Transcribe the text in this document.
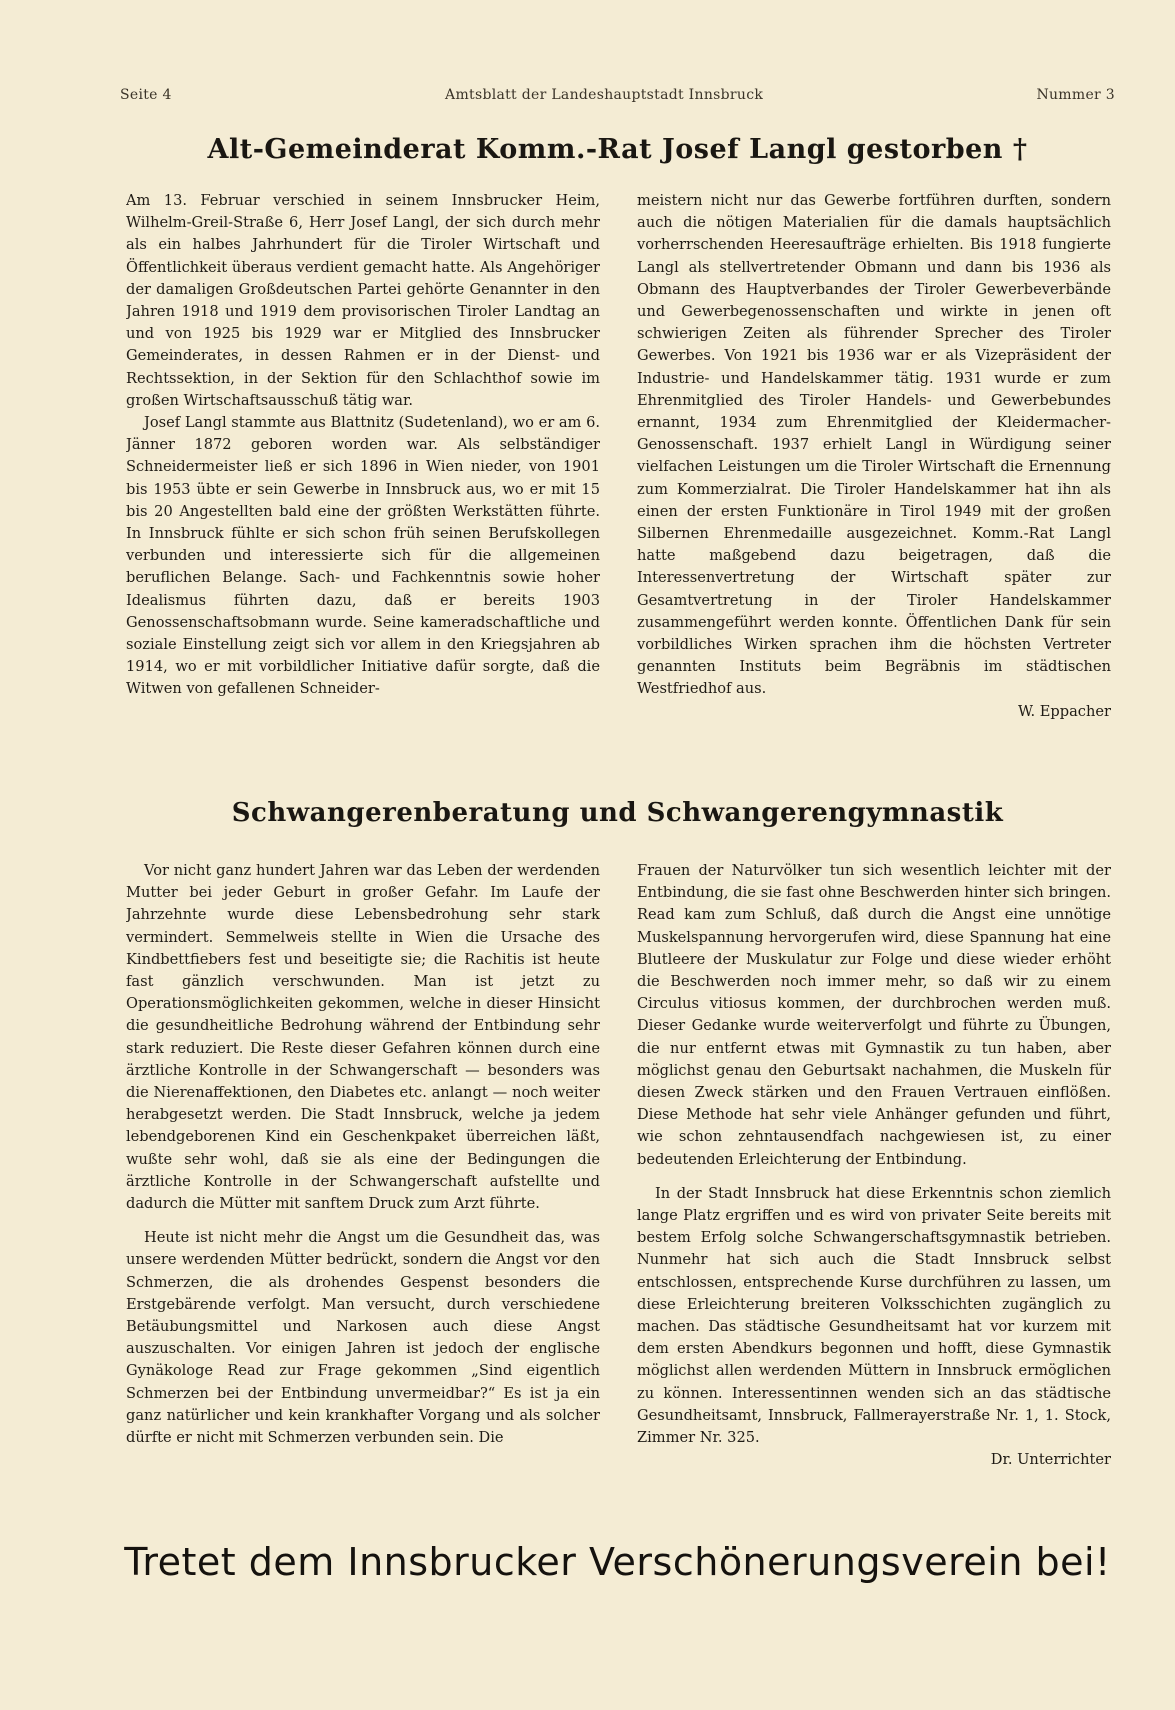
Seite 4	Amtsblatt der Landeshauptstadt Innsbruck	Nummer 3
Alt-Gemeinderat Komm.-Rat Josef Langl gestorben †

Am 13. Februar verschied in seinem Innsbrucker Heim, Wilhelm-Greil-Straße 6, Herr Josef Langl, der sich durch mehr als ein halbes Jahrhundert für die Tiroler Wirtschaft und Öffentlichkeit überaus verdient gemacht hatte. Als Angehöriger der damaligen Großdeutschen Partei gehörte Genannter in den Jahren 1918 und 1919 dem provisorischen Tiroler Landtag an und von 1925 bis 1929 war er Mitglied des Innsbrucker Gemeinderates, in dessen Rahmen er in der Dienst- und Rechtssektion, in der Sektion für den Schlachthof sowie im großen Wirtschaftsausschuß tätig war.

Josef Langl stammte aus Blattnitz (Sudetenland), wo er am 6. Jänner 1872 geboren worden war. Als selbständiger Schneidermeister ließ er sich 1896 in Wien nieder, von 1901 bis 1953 übte er sein Gewerbe in Innsbruck aus, wo er mit 15 bis 20 Angestellten bald eine der größten Werkstätten führte. In Innsbruck fühlte er sich schon früh seinen Berufskollegen verbunden und interessierte sich für die allgemeinen beruflichen Belange. Sach- und Fachkenntnis sowie hoher Idealismus führten dazu, daß er bereits 1903 Genossenschaftsobmann wurde. Seine kameradschaftliche und soziale Einstellung zeigt sich vor allem in den Kriegsjahren ab 1914, wo er mit vorbildlicher Initiative dafür sorgte, daß die Witwen von gefallenen Schneider-

meistern nicht nur das Gewerbe fortführen durften, sondern auch die nötigen Materialien für die damals hauptsächlich vorherrschenden Heeresaufträge erhielten. Bis 1918 fungierte Langl als stellvertretender Obmann und dann bis 1936 als Obmann des Hauptverbandes der Tiroler Gewerbeverbände und Gewerbegenossenschaften und wirkte in jenen oft schwierigen Zeiten als führender Sprecher des Tiroler Gewerbes. Von 1921 bis 1936 war er als Vizepräsident der Industrie- und Handelskammer tätig. 1931 wurde er zum Ehrenmitglied des Tiroler Handels- und Gewerbebundes ernannt, 1934 zum Ehrenmitglied der Kleidermacher-Genossenschaft. 1937 erhielt Langl in Würdigung seiner vielfachen Leistungen um die Tiroler Wirtschaft die Ernennung zum Kommerzialrat. Die Tiroler Handelskammer hat ihn als einen der ersten Funktionäre in Tirol 1949 mit der großen Silbernen Ehrenmedaille ausgezeichnet. Komm.-Rat Langl hatte maßgebend dazu beigetragen, daß die Interessenvertretung der Wirtschaft später zur Gesamtvertretung in der Tiroler Handelskammer zusammengeführt werden konnte. Öffentlichen Dank für sein vorbildliches Wirken sprachen ihm die höchsten Vertreter genannten Instituts beim Begräbnis im städtischen Westfriedhof aus.

W. Eppacher

Schwangerenberatung und Schwangerengymnastik

Vor nicht ganz hundert Jahren war das Leben der werdenden Mutter bei jeder Geburt in großer Gefahr. Im Laufe der Jahrzehnte wurde diese Lebensbedrohung sehr stark vermindert. Semmelweis stellte in Wien die Ursache des Kindbettfiebers fest und beseitigte sie; die Rachitis ist heute fast gänzlich verschwunden. Man ist jetzt zu Operationsmöglichkeiten gekommen, welche in dieser Hinsicht die gesundheitliche Bedrohung während der Entbindung sehr stark reduziert. Die Reste dieser Gefahren können durch eine ärztliche Kontrolle in der Schwangerschaft — besonders was die Nierenaffektionen, den Diabetes etc. anlangt — noch weiter herabgesetzt werden. Die Stadt Innsbruck, welche ja jedem lebendgeborenen Kind ein Geschenkpaket überreichen läßt, wußte sehr wohl, daß sie als eine der Bedingungen die ärztliche Kontrolle in der Schwangerschaft aufstellte und dadurch die Mütter mit sanftem Druck zum Arzt führte.

Heute ist nicht mehr die Angst um die Gesundheit das, was unsere werdenden Mütter bedrückt, sondern die Angst vor den Schmerzen, die als drohendes Gespenst besonders die Erstgebärende verfolgt. Man versucht, durch verschiedene Betäubungsmittel und Narkosen auch diese Angst auszuschalten. Vor einigen Jahren ist jedoch der englische Gynäkologe Read zur Frage gekommen „Sind eigentlich Schmerzen bei der Entbindung unvermeidbar?“ Es ist ja ein ganz natürlicher und kein krankhafter Vorgang und als solcher dürfte er nicht mit Schmerzen verbunden sein. Die

Frauen der Naturvölker tun sich wesentlich leichter mit der Entbindung, die sie fast ohne Beschwerden hinter sich bringen. Read kam zum Schluß, daß durch die Angst eine unnötige Muskelspannung hervorgerufen wird, diese Spannung hat eine Blutleere der Muskulatur zur Folge und diese wieder erhöht die Beschwerden noch immer mehr, so daß wir zu einem Circulus vitiosus kommen, der durchbrochen werden muß. Dieser Gedanke wurde weiterverfolgt und führte zu Übungen, die nur entfernt etwas mit Gymnastik zu tun haben, aber möglichst genau den Geburtsakt nachahmen, die Muskeln für diesen Zweck stärken und den Frauen Vertrauen einflößen. Diese Methode hat sehr viele Anhänger gefunden und führt, wie schon zehntausendfach nachgewiesen ist, zu einer bedeutenden Erleichterung der Entbindung.

In der Stadt Innsbruck hat diese Erkenntnis schon ziemlich lange Platz ergriffen und es wird von privater Seite bereits mit bestem Erfolg solche Schwangerschaftsgymnastik betrieben. Nunmehr hat sich auch die Stadt Innsbruck selbst entschlossen, entsprechende Kurse durchführen zu lassen, um diese Erleichterung breiteren Volksschichten zugänglich zu machen. Das städtische Gesundheitsamt hat vor kurzem mit dem ersten Abendkurs begonnen und hofft, diese Gymnastik möglichst allen werdenden Müttern in Innsbruck ermöglichen zu können. Interessentinnen wenden sich an das städtische Gesundheitsamt, Innsbruck, Fallmerayerstraße Nr. 1, 1. Stock, Zimmer Nr. 325.

Dr. Unterrichter

Tretet dem Innsbrucker Verschönerungsverein bei!
